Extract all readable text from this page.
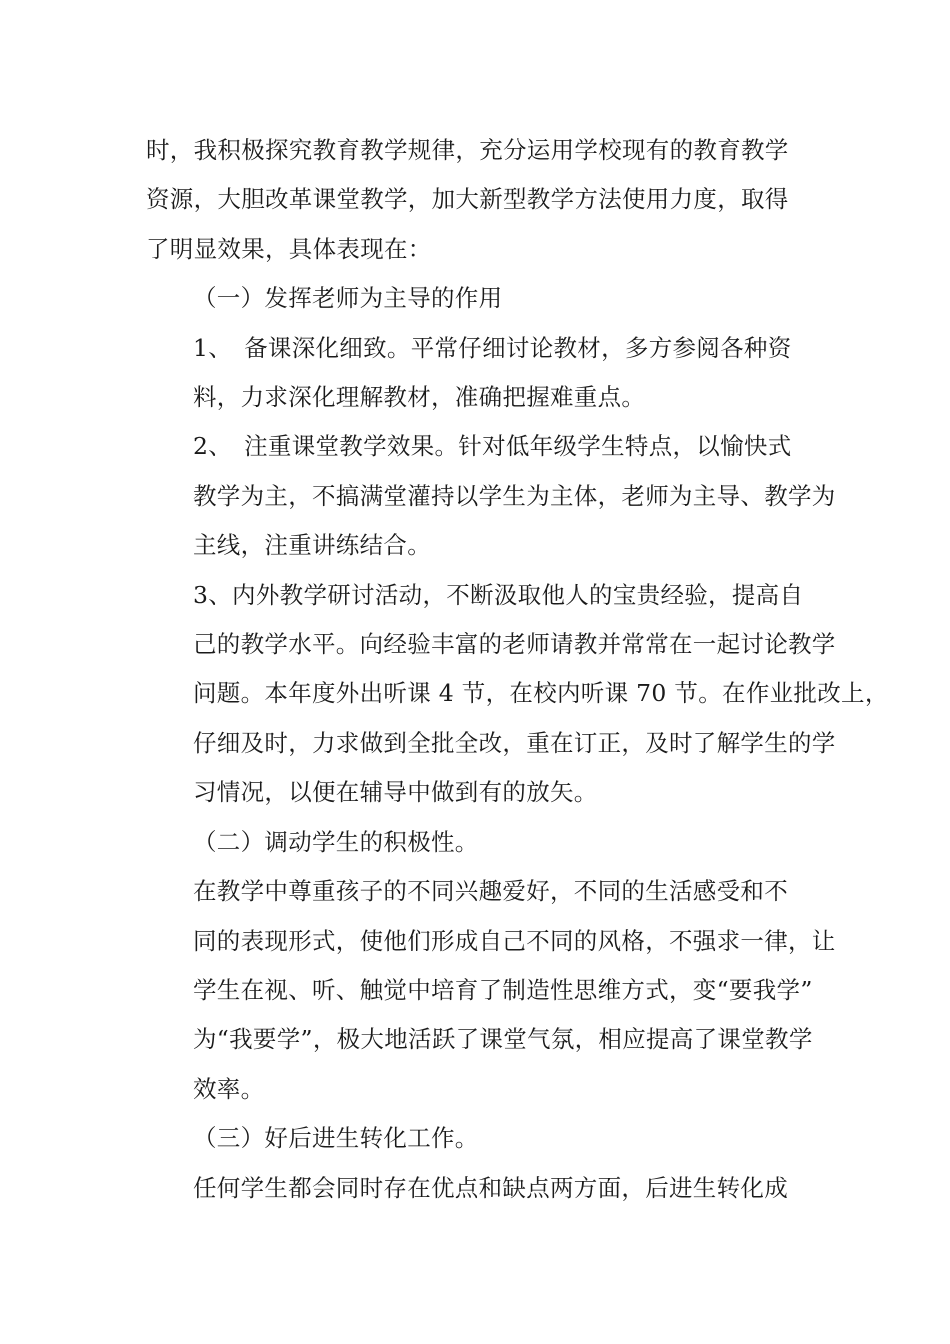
时，我积极探究教育教学规律，充分运用学校现有的教育教学
资源，大胆改革课堂教学，加大新型教学方法使用力度，取得
了明显效果，具体表现在：

（一）发挥老师为主导的作用

1、　备课深化细致。平常仔细讨论教材，多方参阅各种资
料，力求深化理解教材，准确把握难重点。

2、　注重课堂教学效果。针对低年级学生特点，以愉快式
教学为主，不搞满堂灌持以学生为主体，老师为主导、教学为
主线，注重讲练结合。

3、内外教学研讨活动，不断汲取他人的宝贵经验，提高自
己的教学水平。向经验丰富的老师请教并常常在一起讨论教学
问题。本年度外出听课 4 节，在校内听课 70 节。在作业批改上，
仔细及时，力求做到全批全改，重在订正，及时了解学生的学
习情况，以便在辅导中做到有的放矢。

（二）调动学生的积极性。

在教学中尊重孩子的不同兴趣爱好，不同的生活感受和不
同的表现形式，使他们形成自己不同的风格，不强求一律，让
学生在视、听、触觉中培育了制造性思维方式，变“要我学”
为“我要学”，极大地活跃了课堂气氛，相应提高了课堂教学
效率。

（三）好后进生转化工作。

任何学生都会同时存在优点和缺点两方面，后进生转化成
